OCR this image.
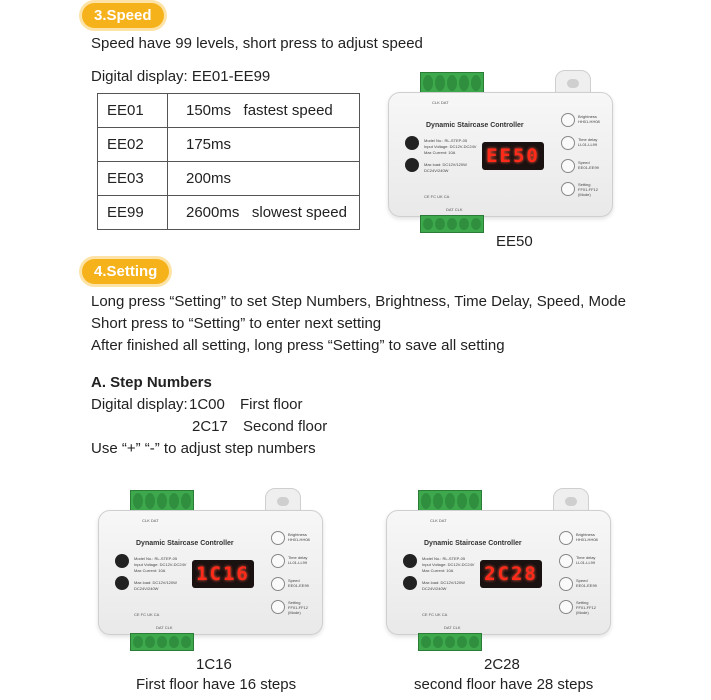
3.Speed
Speed have 99 levels, short press to adjust speed
Digital display: EE01-EE99
EE01	150ms   fastest speed
EE02	175ms
EE03	200ms
EE99	2600ms   slowest speed
CLK DAT
Dynamic Staircase Controller
Model No.: RL-STEP-05
Input Voltage: DC12V-DC24V
Max Current: 10A
Max load: DC12V/120W
DC24V/240W
EE50
CE FC UK CA
Brightness
HH01-HH08
Time delay
LL01-LL99
Speed
EE01-EE99
Setting
FF01-FF12
(Mode)
DAT CLK
EE50
4.Setting
Long press “Setting” to set Step Numbers, Brightness, Time Delay, Speed, Mode
Short press to “Setting” to enter next setting
After finished all setting, long press “Setting” to save all setting
A. Step Numbers
Digital display: 1C00 First floor
2C17 Second floor
Use “+” “-” to adjust step numbers
CLK DAT
Dynamic Staircase Controller
Model No.: RL-STEP-05
Input Voltage: DC12V-DC24V
Max Current: 10A
Max load: DC12V/120W
DC24V/240W
1C16
CE FC UK CA
Brightness
HH01-HH08
Time delay
LL01-LL99
Speed
EE01-EE99
Setting
FF01-FF12
(Mode)
DAT CLK
1C16
First floor have 16 steps
CLK DAT
Dynamic Staircase Controller
Model No.: RL-STEP-05
Input Voltage: DC12V-DC24V
Max Current: 10A
Max load: DC12V/120W
DC24V/240W
2C28
CE FC UK CA
Brightness
HH01-HH08
Time delay
LL01-LL99
Speed
EE01-EE99
Setting
FF01-FF12
(Mode)
DAT CLK
2C28
second floor have 28 steps
